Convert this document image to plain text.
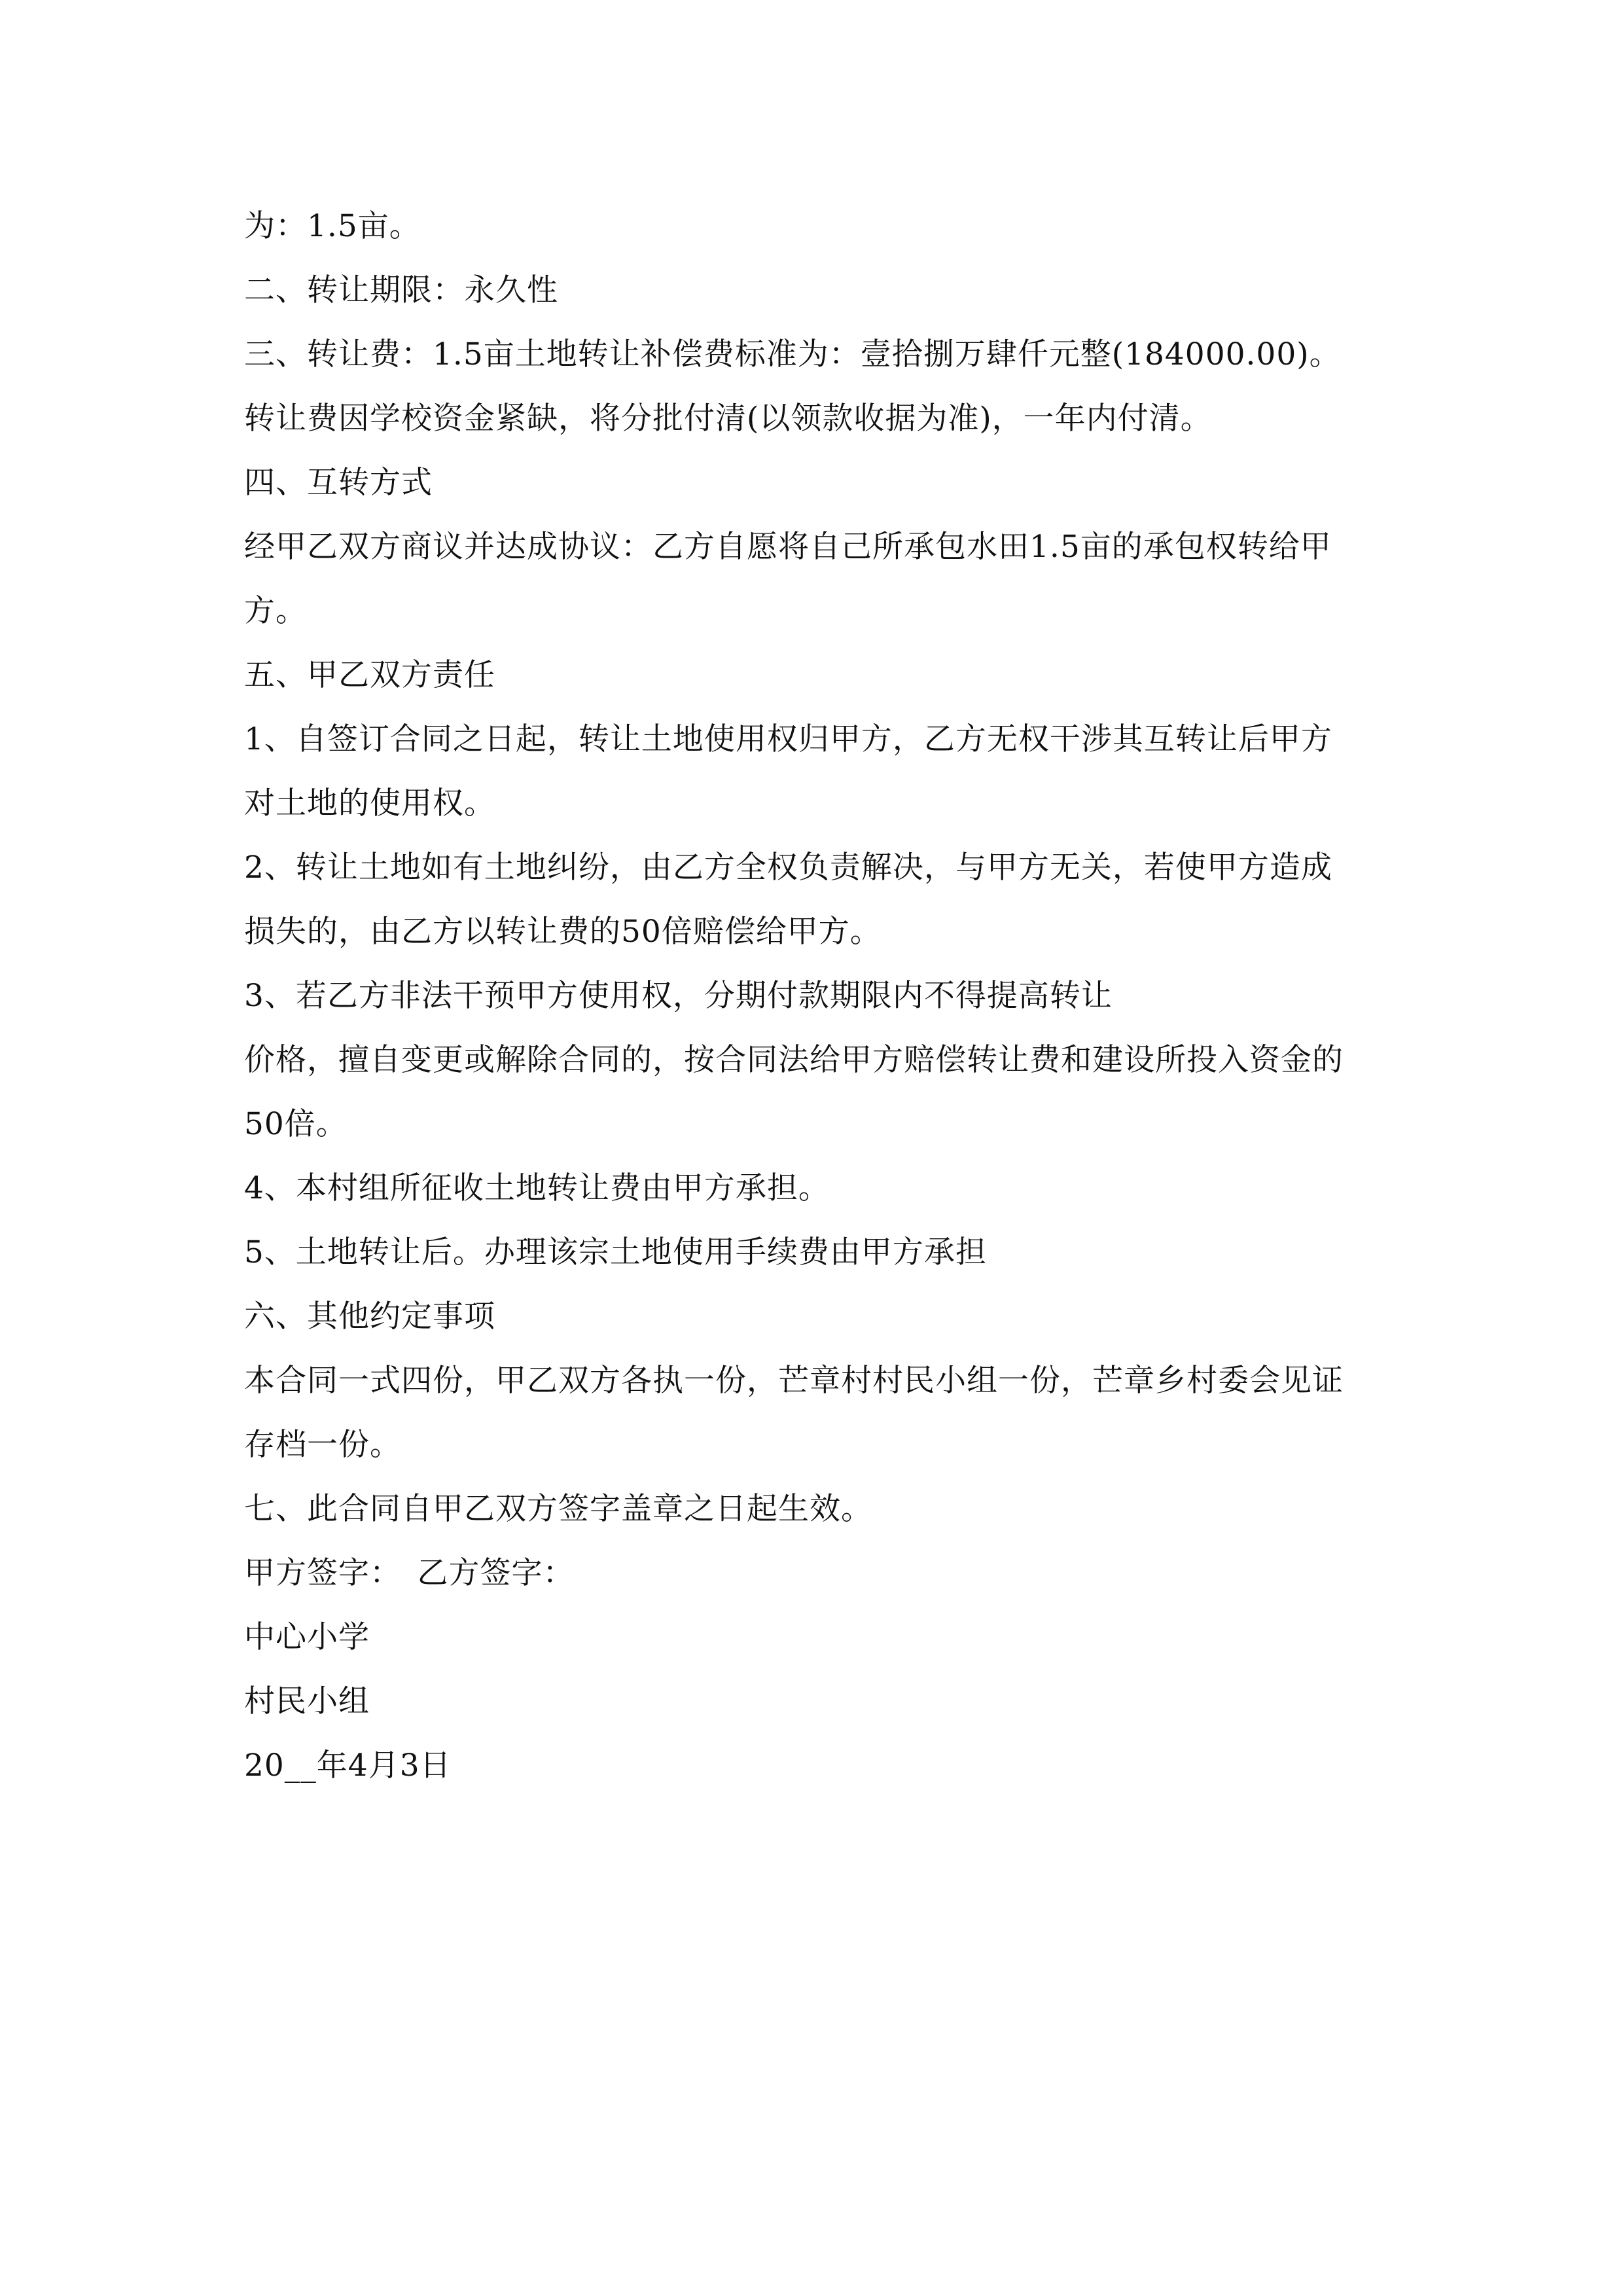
为：1.5亩。
二、转让期限：永久性
三、转让费：1.5亩土地转让补偿费标准为：壹拾捌万肆仟元整(184000.00)。
转让费因学校资金紧缺，将分批付清(以领款收据为准)，一年内付清。
四、互转方式
经甲乙双方商议并达成协议：乙方自愿将自己所承包水田1.5亩的承包权转给甲
方。
五、甲乙双方责任
1、自签订合同之日起，转让土地使用权归甲方，乙方无权干涉其互转让后甲方
对土地的使用权。
2、转让土地如有土地纠纷，由乙方全权负责解决，与甲方无关，若使甲方造成
损失的，由乙方以转让费的50倍赔偿给甲方。
3、若乙方非法干预甲方使用权，分期付款期限内不得提高转让
价格，擅自变更或解除合同的，按合同法给甲方赔偿转让费和建设所投入资金的
50倍。
4、本村组所征收土地转让费由甲方承担。
5、土地转让后。办理该宗土地使用手续费由甲方承担
六、其他约定事项
本合同一式四份，甲乙双方各执一份，芒章村村民小组一份，芒章乡村委会见证
存档一份。
七、此合同自甲乙双方签字盖章之日起生效。
甲方签字：　乙方签字：
中心小学
村民小组
20__年4月3日
